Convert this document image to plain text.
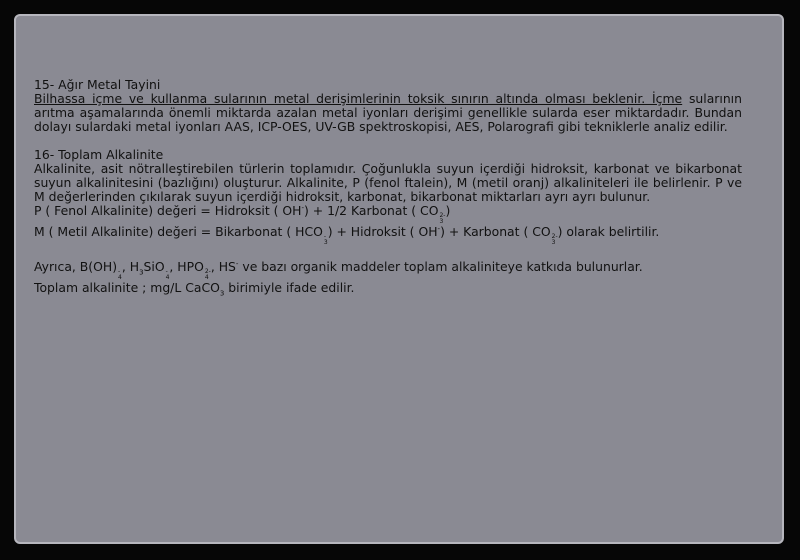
15- Ağır Metal Tayini

Bilhassa içme ve kullanma sularının metal derişimlerinin toksik sınırın altında olması beklenir. İçme sularının arıtma aşamalarında önemli miktarda azalan metal iyonları derişimi genellikle sularda eser miktardadır. Bundan dolayı sulardaki metal iyonları AAS, ICP-OES, UV-GB spektroskopisi, AES, Polarografi gibi tekniklerle analiz edilir.

16- Toplam Alkalinite

Alkalinite, asit nötralleştirebilen türlerin toplamıdır. Çoğunlukla suyun içerdiği hidroksit, karbonat ve bikarbonat suyun alkalinitesini (bazlığını) oluşturur. Alkalinite, P (fenol ftalein), M (metil oranj) alkaliniteleri ile belirlenir. P ve M değerlerinden çıkılarak suyun içerdiği hidroksit, karbonat, bikarbonat miktarları ayrı ayrı bulunur.

P ( Fenol Alkalinite) değeri = Hidroksit ( OH-) + 1/2 Karbonat ( CO 2-
3
)

M ( Metil Alkalinite) değeri = Bikarbonat ( HCO -
3
) + Hidroksit ( OH-) + Karbonat ( CO 2-
3
) olarak belirtilir.

Ayrıca, B(OH) -
4
, $H_3SiO$ -
4
, HPO 2-
4
, HS- ve bazı organik maddeler toplam alkaliniteye katkıda bulunurlar.

Toplam alkalinite ; mg/L CaCO$_3$ birimiyle ifade edilir.
